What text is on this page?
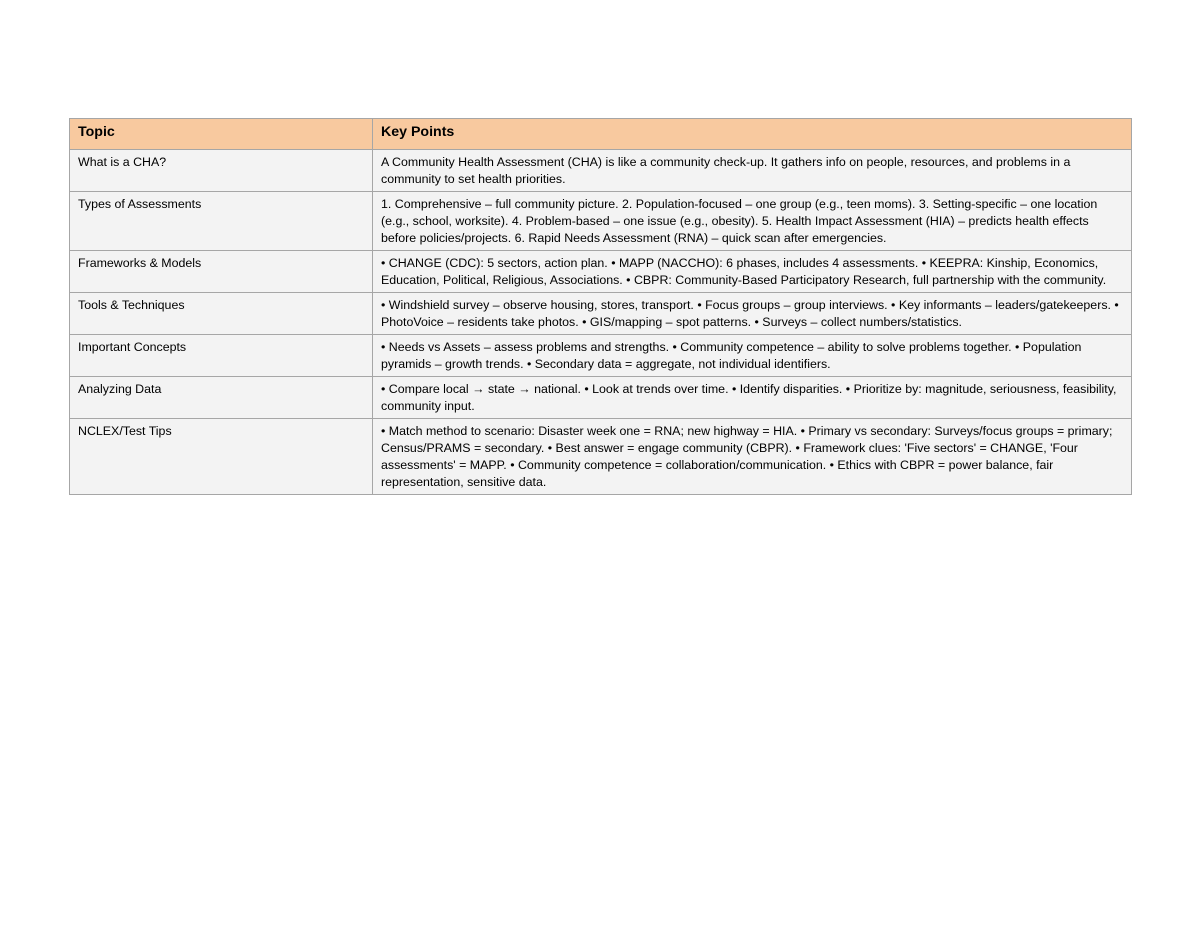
Topic	Key Points
What is a CHA?	A Community Health Assessment (CHA) is like a community check-up. It gathers info on people, resources, and problems in a community to set health priorities.
Types of Assessments	1. Comprehensive – full community picture. 2. Population-focused – one group (e.g., teen moms). 3. Setting-specific – one location (e.g., school, worksite). 4. Problem-based – one issue (e.g., obesity). 5. Health Impact Assessment (HIA) – predicts health effects before policies/projects. 6. Rapid Needs Assessment (RNA) – quick scan after emergencies.
Frameworks & Models	• CHANGE (CDC): 5 sectors, action plan. • MAPP (NACCHO): 6 phases, includes 4 assessments. • KEEPRA: Kinship, Economics, Education, Political, Religious, Associations. • CBPR: Community-Based Participatory Research, full partnership with the community.
Tools & Techniques	• Windshield survey – observe housing, stores, transport. • Focus groups – group interviews. • Key informants – leaders/gatekeepers. • PhotoVoice – residents take photos. • GIS/mapping – spot patterns. • Surveys – collect numbers/statistics.
Important Concepts	• Needs vs Assets – assess problems and strengths. • Community competence – ability to solve problems together. • Population pyramids – growth trends. • Secondary data = aggregate, not individual identifiers.
Analyzing Data	• Compare local → state → national. • Look at trends over time. • Identify disparities. • Prioritize by: magnitude, seriousness, feasibility, community input.
NCLEX/Test Tips	• Match method to scenario: Disaster week one = RNA; new highway = HIA. • Primary vs secondary: Surveys/focus groups = primary; Census/PRAMS = secondary. • Best answer = engage community (CBPR). • Framework clues: 'Five sectors' = CHANGE, 'Four assessments' = MAPP. • Community competence = collaboration/communication. • Ethics with CBPR = power balance, fair representation, sensitive data.
